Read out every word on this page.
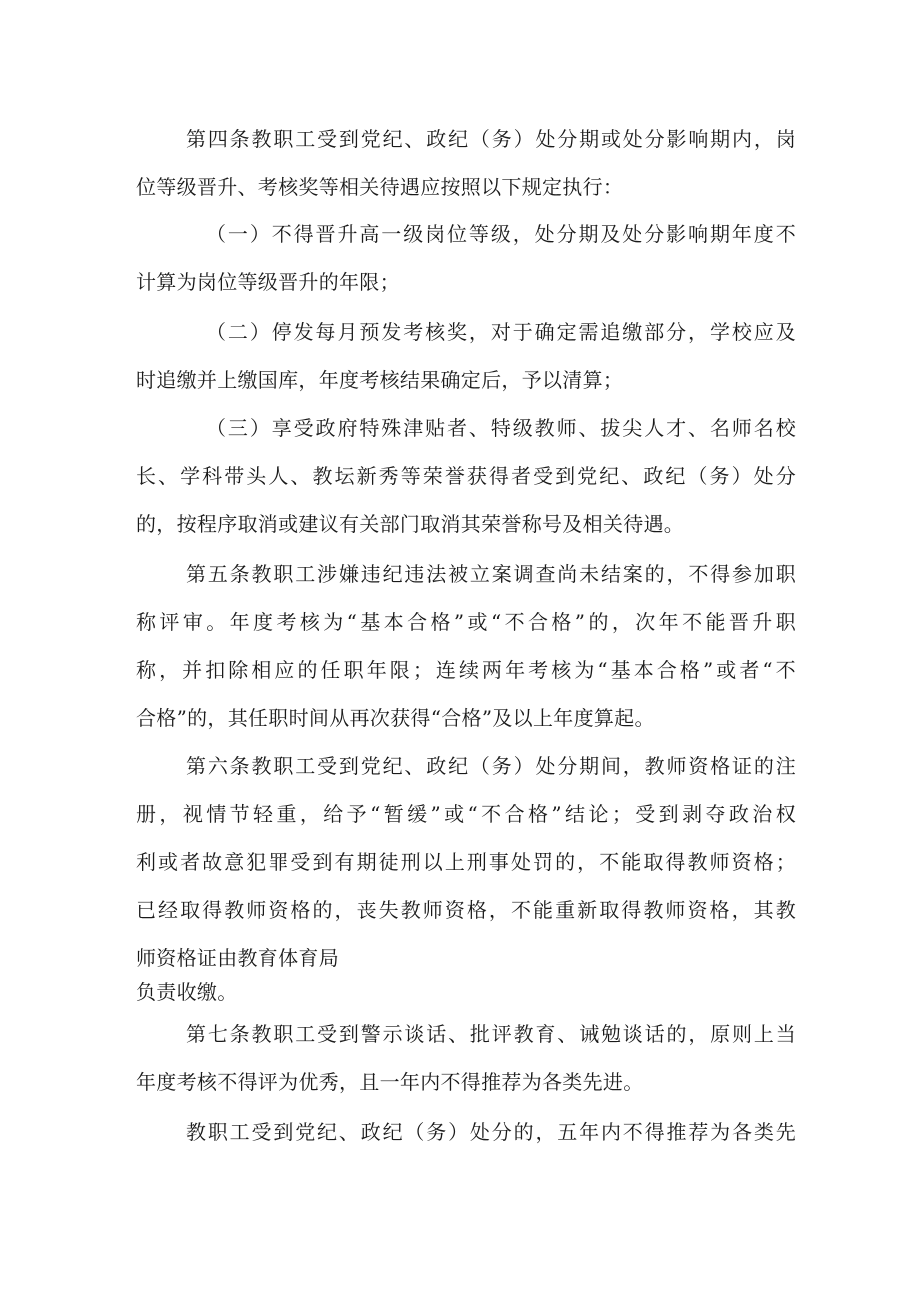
第四条教职工受到党纪、政纪（务）处分期或处分影响期内，岗
位等级晋升、考核奖等相关待遇应按照以下规定执行：
（一）不得晋升高一级岗位等级，处分期及处分影响期年度不
计算为岗位等级晋升的年限；
（二）停发每月预发考核奖，对于确定需追缴部分，学校应及
时追缴并上缴国库，年度考核结果确定后，予以清算；
（三）享受政府特殊津贴者、特级教师、拔尖人才、名师名校
长、学科带头人、教坛新秀等荣誉获得者受到党纪、政纪（务）处分
的，按程序取消或建议有关部门取消其荣誉称号及相关待遇。
第五条教职工涉嫌违纪违法被立案调查尚未结案的，不得参加职
称评审。年度考核为“基本合格”或“不合格”的，次年不能晋升职
称，并扣除相应的任职年限；连续两年考核为“基本合格”或者“不
合格”的，其任职时间从再次获得“合格”及以上年度算起。
第六条教职工受到党纪、政纪（务）处分期间，教师资格证的注
册，视情节轻重，给予“暂缓”或“不合格”结论；受到剥夺政治权
利或者故意犯罪受到有期徒刑以上刑事处罚的，不能取得教师资格；
已经取得教师资格的，丧失教师资格，不能重新取得教师资格，其教
师资格证由教育体育局
负责收缴。
第七条教职工受到警示谈话、批评教育、诫勉谈话的，原则上当
年度考核不得评为优秀，且一年内不得推荐为各类先进。
教职工受到党纪、政纪（务）处分的，五年内不得推荐为各类先
